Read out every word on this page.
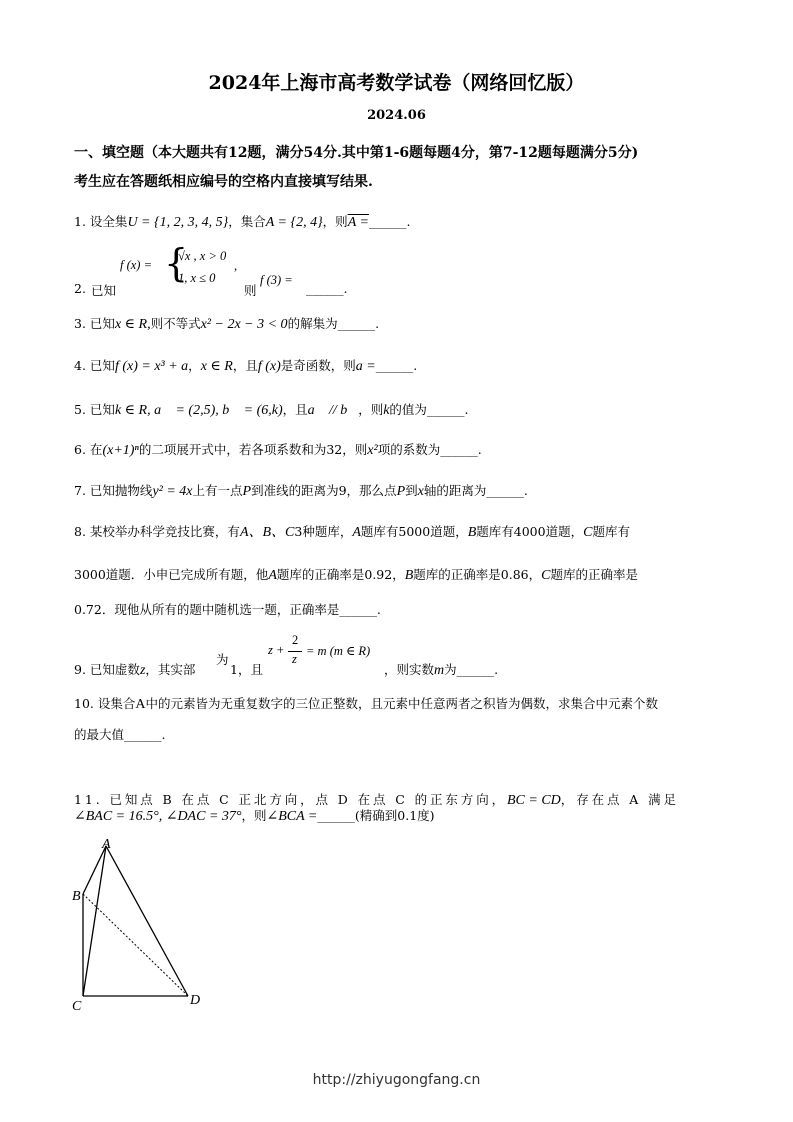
2024年上海市高考数学试卷（网络回忆版）
2024.06
一、填空题（本大题共有12题，满分54分.其中第1-6题每题4分，第7-12题每题满分5分)
考生应在答题纸相应编号的空格内直接填写结果.
1. 设全集U = {1, 2, 3, 4, 5}，集合A = {2, 4}，则A =______.
2. 已知
f (x) = {
√x , x > 0
1, x ≤ 0
,
则
f (3) =
______.
3. 已知x ∈ R,则不等式x² − 2x − 3 < 0的解集为______.
4. 已知f (x) = x³ + a，x ∈ R，且f (x)是奇函数，则a =______.
5. 已知k ∈ R, a⃗ = (2,5), b⃗ = (6,k)，且a⃗ // b⃗，则k的值为______.
6. 在(x+1)ⁿ的二项展开式中，若各项系数和为32，则x²项的系数为______.
7. 已知抛物线y² = 4x上有一点P到准线的距离为9，那么点P到x轴的距离为______.
8. 某校举办科学竞技比赛，有A、B、C3种题库，A题库有5000道题，B题库有4000道题，C题库有
3000道题．小申已完成所有题，他A题库的正确率是0.92，B题库的正确率是0.86，C题库的正确率是
0.72．现他从所有的题中随机选一题，正确率是______.
9. 已知虚数z，其实部
为
1，且
z +
2
z
= m (m ∈ R)
，则实数m为______.
10. 设集合A中的元素皆为无重复数字的三位正整数，且元素中任意两者之积皆为偶数，求集合中元素个数
的最大值______.
11. 已知点 B 在点 C 正北方向，点 D 在点 C 的正东方向，BC = CD，存在点 A 满足
∠BAC = 16.5°, ∠DAC = 37°，则∠BCA =______(精确到0.1度)
A
B
C	D
http://zhiyugongfang.cn
